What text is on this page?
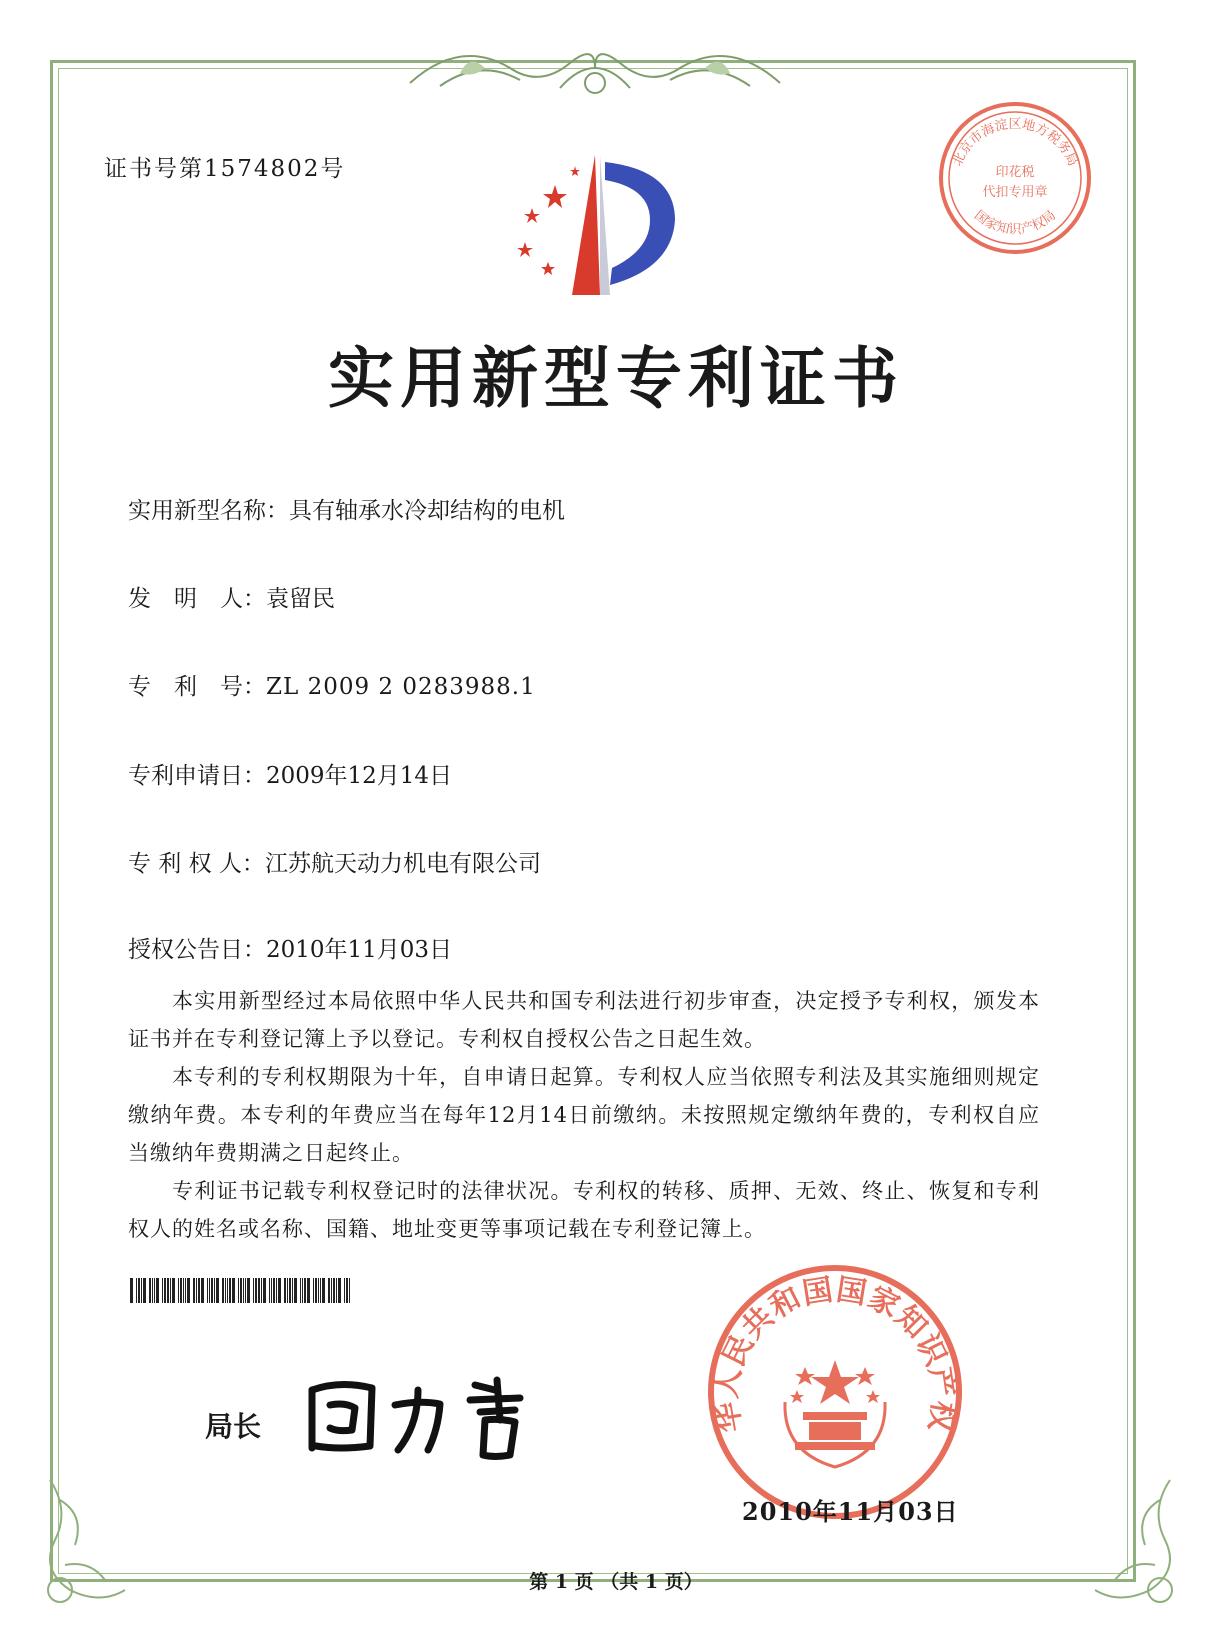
证书号第1574802号	北京市海淀区地方税务局
国家知识产权局
印花税
代扣专用章
实用新型专利证书
实用新型名称：具有轴承水冷却结构的电机
发　明　人：袁留民
专　利　号：ZL 2009 2 0283988.1
专利申请日：2009年12月14日
专 利 权 人：江苏航天动力机电有限公司
授权公告日：2010年11月03日
本实用新型经过本局依照中华人民共和国专利法进行初步审查，决定授予专利权，颁发本证书并在专利登记簿上予以登记。专利权自授权公告之日起生效。
本专利的专利权期限为十年，自申请日起算。专利权人应当依照专利法及其实施细则规定缴纳年费。本专利的年费应当在每年12月14日前缴纳。未按照规定缴纳年费的，专利权自应当缴纳年费期满之日起终止。
专利证书记载专利权登记时的法律状况。专利权的转移、质押、无效、终止、恢复和专利权人的姓名或名称、国籍、地址变更等事项记载在专利登记簿上。
局长	华人民共和国国家知识产权
2010年11月03日
第 1 页 （共 1 页）
